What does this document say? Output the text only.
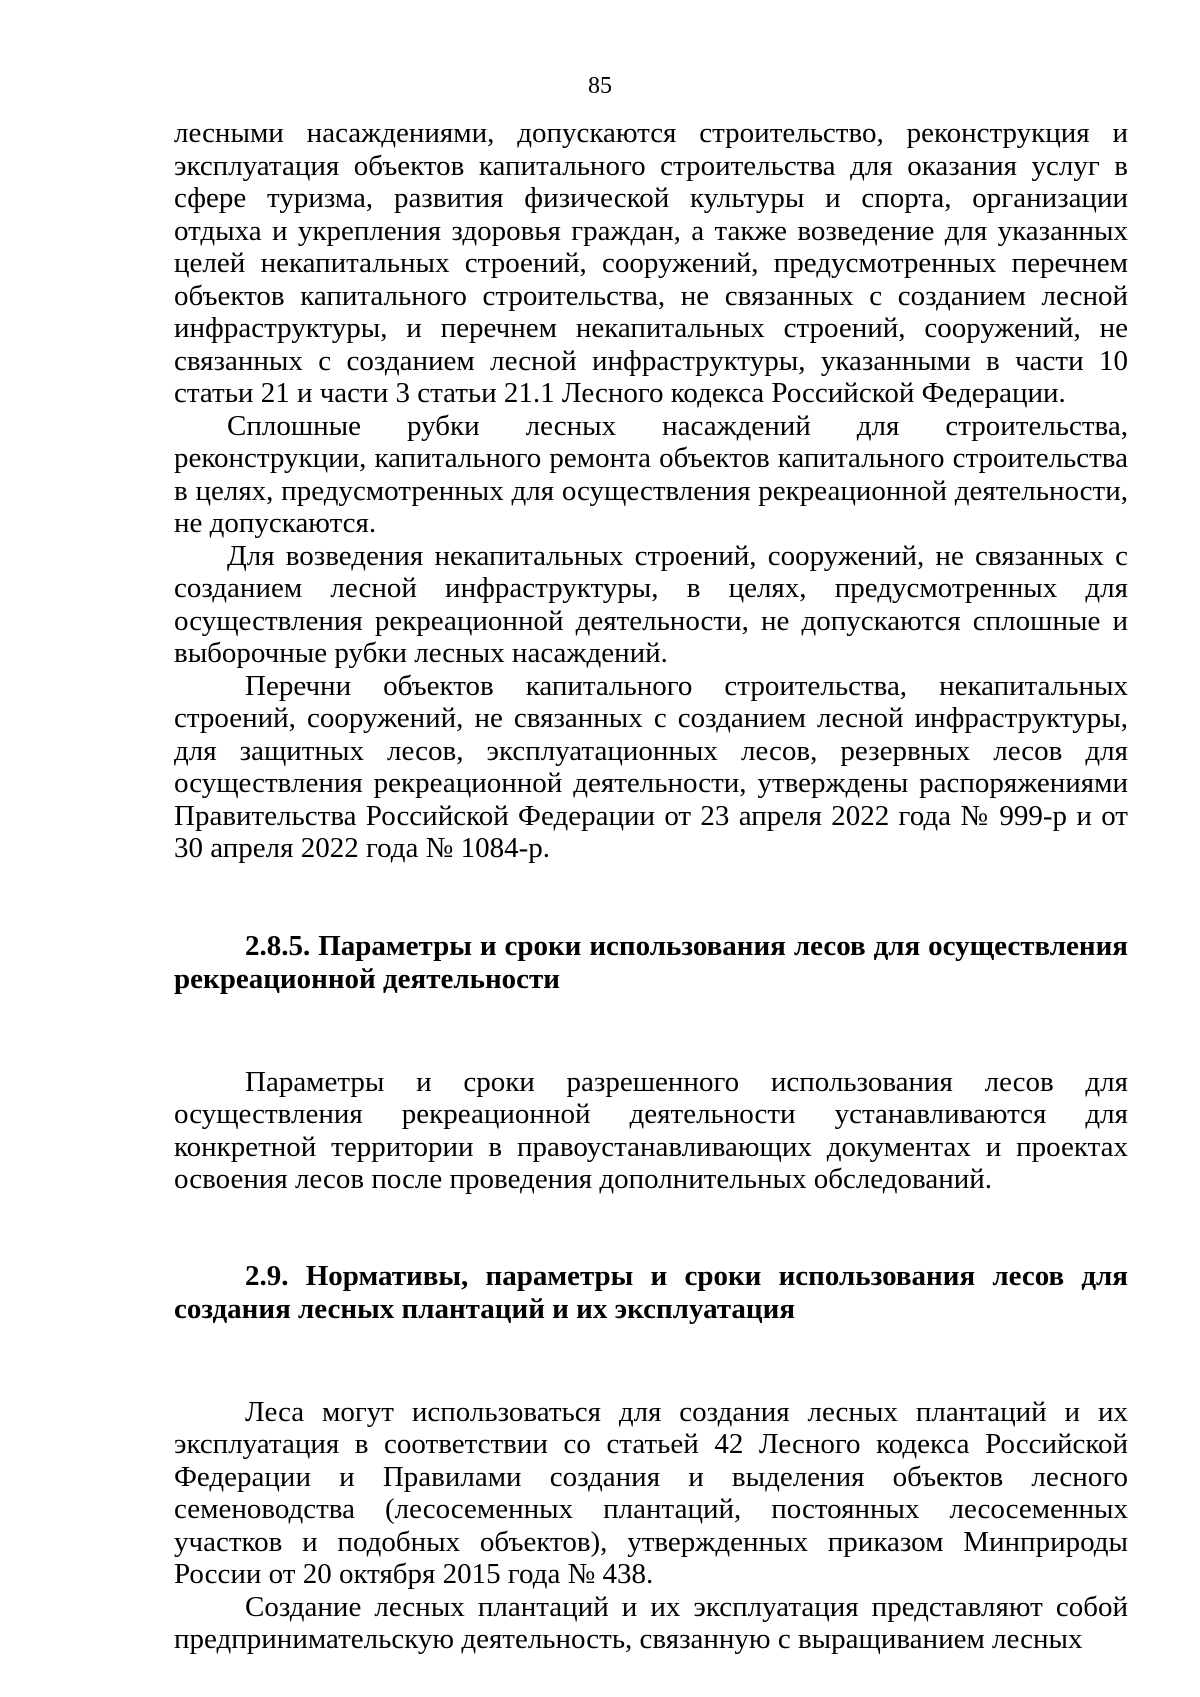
85

лесными насаждениями, допускаются строительство, реконструкция и эксплуатация объектов капитального строительства для оказания услуг в сфере туризма, развития физической культуры и спорта, организации отдыха и укрепления здоровья граждан, а также возведение для указанных целей некапитальных строений, сооружений, предусмотренных перечнем объектов капитального строительства, не связанных с созданием лесной инфраструктуры, и перечнем некапитальных строений, сооружений, не связанных с созданием лесной инфраструктуры, указанными в части 10 статьи 21 и части 3 статьи 21.1 Лесного кодекса Российской Федерации.

Сплошные рубки лесных насаждений для строительства, реконструкции, капитального ремонта объектов капитального строительства в целях, предусмотренных для осуществления рекреационной деятельности, не допускаются.

Для возведения некапитальных строений, сооружений, не связанных с созданием лесной инфраструктуры, в целях, предусмотренных для осуществления рекреационной деятельности, не допускаются сплошные и выборочные рубки лесных насаждений.

Перечни объектов капитального строительства, некапитальных строений, сооружений, не связанных с созданием лесной инфраструктуры, для защитных лесов, эксплуатационных лесов, резервных лесов для осуществления рекреационной деятельности, утверждены распоряжениями Правительства Российской Федерации от 23 апреля 2022 года № 999-р и от 30 апреля 2022 года № 1084-р.

2.8.5. Параметры и сроки использования лесов для осуществления рекреационной деятельности

Параметры и сроки разрешенного использования лесов для осуществления рекреационной деятельности устанавливаются для конкретной территории в правоустанавливающих документах и проектах освоения лесов после проведения дополнительных обследований.

2.9. Нормативы, параметры и сроки использования лесов для создания лесных плантаций и их эксплуатация

Леса могут использоваться для создания лесных плантаций и их эксплуатация в соответствии со статьей 42 Лесного кодекса Российской Федерации и Правилами создания и выделения объектов лесного семеноводства (лесосеменных плантаций, постоянных лесосеменных участков и подобных объектов), утвержденных приказом Минприроды России от 20 октября 2015 года № 438.

Создание лесных плантаций и их эксплуатация представляют собой предпринимательскую деятельность, связанную с выращиванием лесных
